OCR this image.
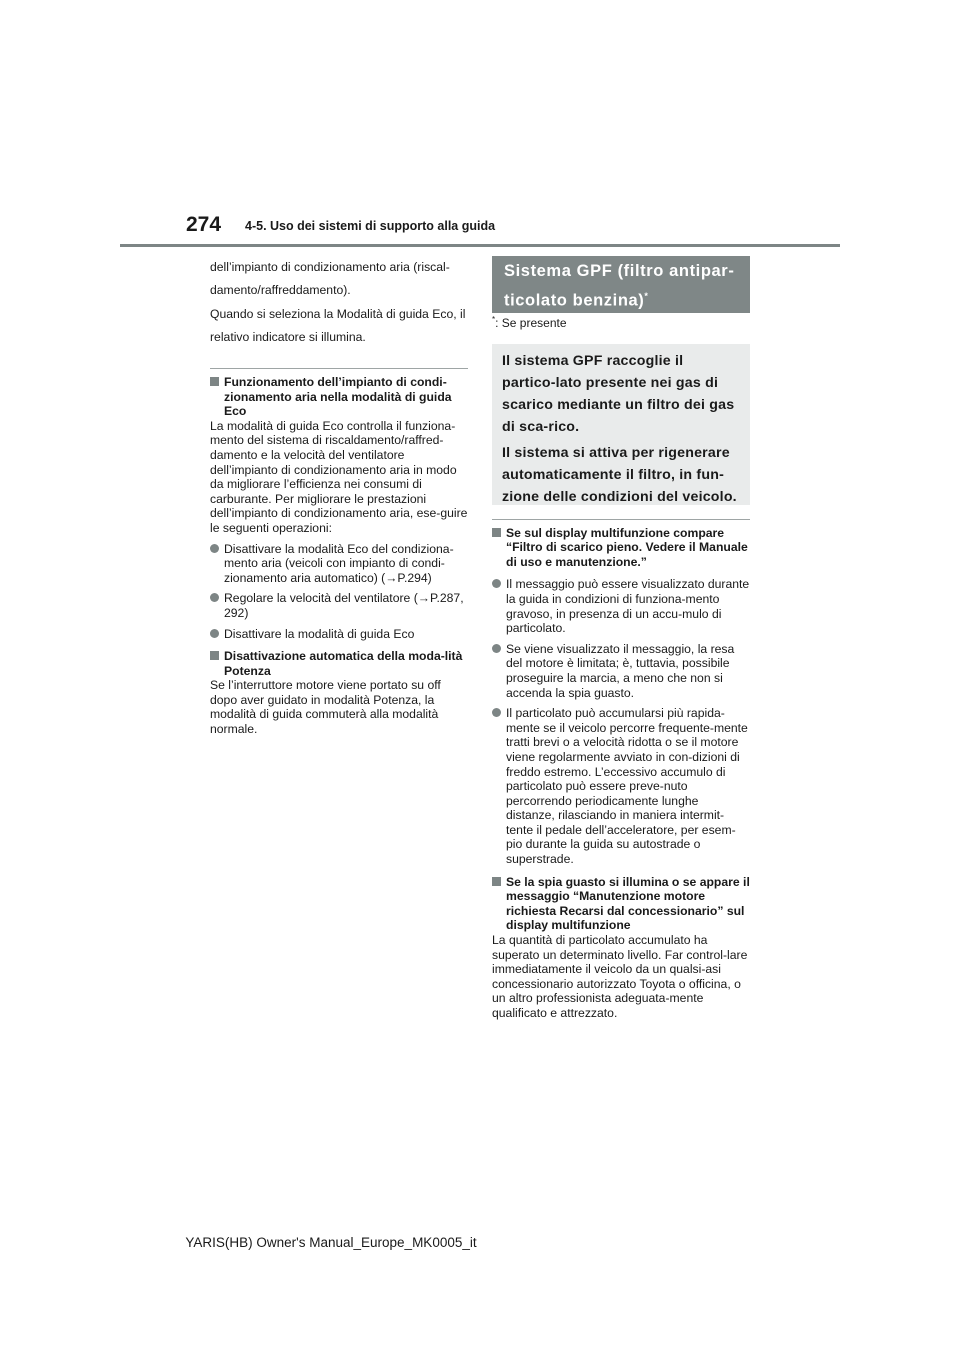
274 4-5. Uso dei sistemi di supporto alla guida

dell’impianto di condizionamento aria (riscal-damento/raffreddamento).

Quando si seleziona la Modalità di guida Eco, il relativo indicatore si illumina.

Funzionamento dell’impianto di condi-zionamento aria nella modalità di guida Eco

La modalità di guida Eco controlla il funziona-mento del sistema di riscaldamento/raffred-damento e la velocità del ventilatore dell’impianto di condizionamento aria in modo da migliorare l’efficienza nei consumi di carburante. Per migliorare le prestazioni dell’impianto di condizionamento aria, ese-guire le seguenti operazioni:

Disattivare la modalità Eco del condiziona-mento aria (veicoli con impianto di condi-zionamento aria automatico) (→P.294)
Regolare la velocità del ventilatore (→P.287, 292)
Disattivare la modalità di guida Eco
Disattivazione automatica della moda-lità Potenza

Se l’interruttore motore viene portato su off dopo aver guidato in modalità Potenza, la modalità di guida commuterà alla modalità normale.

Sistema GPF (filtro antipar-
ticolato benzina)*

*: Se presente

Il sistema GPF raccoglie il partico-lato presente nei gas di scarico mediante un filtro dei gas di sca-rico.

Il sistema si attiva per rigenerare automaticamente il filtro, in fun-zione delle condizioni del veicolo.

Se sul display multifunzione compare “Filtro di scarico pieno. Vedere il Manuale di uso e manutenzione.”
Il messaggio può essere visualizzato durante la guida in condizioni di funziona-mento gravoso, in presenza di un accu-mulo di particolato.
Se viene visualizzato il messaggio, la resa del motore è limitata; è, tuttavia, possibile proseguire la marcia, a meno che non si accenda la spia guasto.
Il particolato può accumularsi più rapida-mente se il veicolo percorre frequente-mente tratti brevi o a velocità ridotta o se il motore viene regolarmente avviato in con-dizioni di freddo estremo. L’eccessivo accumulo di particolato può essere preve-nuto percorrendo periodicamente lunghe distanze, rilasciando in maniera intermit-tente il pedale dell’acceleratore, per esem-pio durante la guida su autostrade o superstrade.
Se la spia guasto si illumina o se appare il messaggio “Manutenzione motore richiesta Recarsi dal concessionario” sul display multifunzione

La quantità di particolato accumulato ha superato un determinato livello. Far control-lare immediatamente il veicolo da un qualsi-asi concessionario autorizzato Toyota o officina, o un altro professionista adeguata-mente qualificato e attrezzato.

YARIS(HB) Owner's Manual_Europe_MK0005_it
